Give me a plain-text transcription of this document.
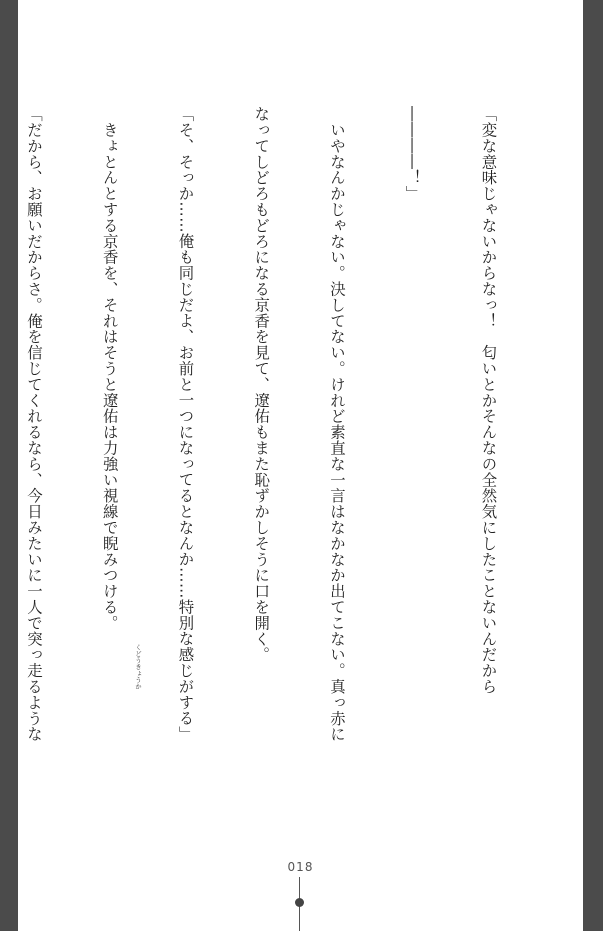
「変な意味じゃないからなっ！　匂いとかそんなの全然気にしたことないんだから

――――！」

　いやなんかじゃない。決してない。けれど素直な一言はなかなか出てこない。真っ赤に

なってしどろもどろになる京香を見て、遼佑もまた恥ずかしそうに口を開く。

「そ、そっか……俺も同じだよ、お前と一つになってるとなんか……特別な感じがする」

　きょとんとする京香を、それはそうと遼佑は力強い視線で睨みつける。

「だから、お願いだからさ。俺を信じてくれるなら、今日みたいに一人で突っ走るような

	くどうきょうか
018
